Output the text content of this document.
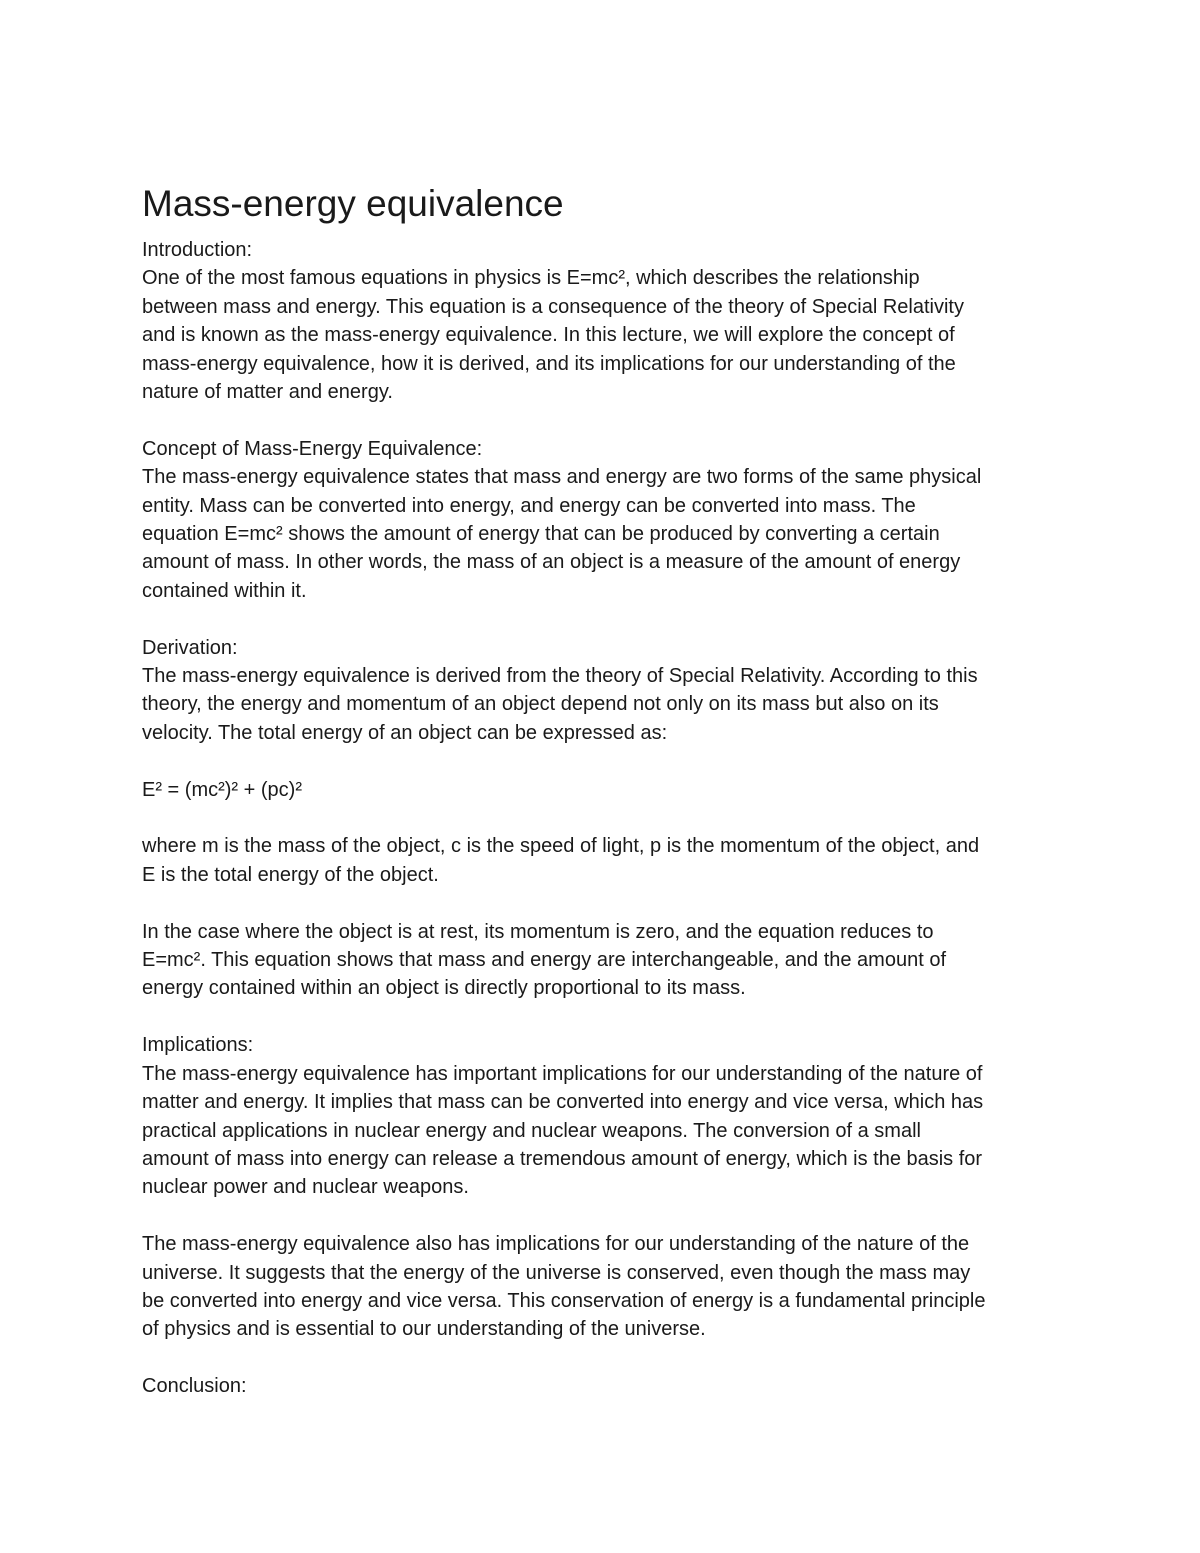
Mass-energy equivalence

Introduction:

One of the most famous equations in physics is E=mc², which describes the relationship

between mass and energy. This equation is a consequence of the theory of Special Relativity

and is known as the mass-energy equivalence. In this lecture, we will explore the concept of

mass-energy equivalence, how it is derived, and its implications for our understanding of the

nature of matter and energy.

Concept of Mass-Energy Equivalence:

The mass-energy equivalence states that mass and energy are two forms of the same physical

entity. Mass can be converted into energy, and energy can be converted into mass. The

equation E=mc² shows the amount of energy that can be produced by converting a certain

amount of mass. In other words, the mass of an object is a measure of the amount of energy

contained within it.

Derivation:

The mass-energy equivalence is derived from the theory of Special Relativity. According to this

theory, the energy and momentum of an object depend not only on its mass but also on its

velocity. The total energy of an object can be expressed as:

E² = (mc²)² + (pc)²

where m is the mass of the object, c is the speed of light, p is the momentum of the object, and

E is the total energy of the object.

In the case where the object is at rest, its momentum is zero, and the equation reduces to

E=mc². This equation shows that mass and energy are interchangeable, and the amount of

energy contained within an object is directly proportional to its mass.

Implications:

The mass-energy equivalence has important implications for our understanding of the nature of

matter and energy. It implies that mass can be converted into energy and vice versa, which has

practical applications in nuclear energy and nuclear weapons. The conversion of a small

amount of mass into energy can release a tremendous amount of energy, which is the basis for

nuclear power and nuclear weapons.

The mass-energy equivalence also has implications for our understanding of the nature of the

universe. It suggests that the energy of the universe is conserved, even though the mass may

be converted into energy and vice versa. This conservation of energy is a fundamental principle

of physics and is essential to our understanding of the universe.

Conclusion:
